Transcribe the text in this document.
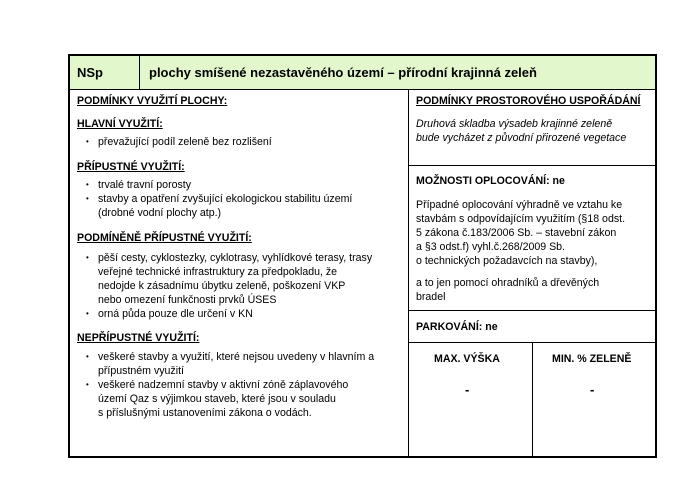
NSp	plochy smíšené nezastavěného území – přírodní krajinná zeleň
PODMÍNKY VYUŽITÍ PLOCHY:
HLAVNÍ VYUŽITÍ:
• převažující podíl zeleně bez rozlišení
PŘÍPUSTNÉ VYUŽITÍ:
• trvalé travní porosty
• stavby a opatření zvyšující ekologickou stabilitu území
(drobné vodní plochy atp.)
PODMÍNĚNĚ PŘÍPUSTNÉ VYUŽITÍ:
• pěší cesty, cyklostezky, cyklotrasy, vyhlídkové terasy, trasy
veřejné technické infrastruktury za předpokladu, že
nedojde k zásadnímu úbytku zeleně, poškození VKP
nebo omezení funkčnosti prvků ÚSES
• orná půda pouze dle určení v KN
NEPŘÍPUSTNÉ VYUŽITÍ:
• veškeré stavby a využití, které nejsou uvedeny v hlavním a
přípustném využití
• veškeré nadzemní stavby v aktivní zóně záplavového
území Qaz s výjimkou staveb, které jsou v souladu
s příslušnými ustanoveními zákona o vodách.
PODMÍNKY PROSTOROVÉHO USPOŘÁDÁNÍ
Druhová skladba výsadeb krajinné zeleně
bude vycházet z původní přirozené vegetace
MOŽNOSTI OPLOCOVÁNÍ: ne
Případné oplocování výhradně ve vztahu ke
stavbám s odpovídajícím využitím (§18 odst.
5 zákona č.183/2006 Sb. – stavební zákon
a §3 odst.f) vyhl.č.268/2009 Sb.
o technických požadavcích na stavby),
a to jen pomocí ohradníků a dřevěných
bradel
PARKOVÁNÍ: ne
MAX. VÝŠKA
-
MIN. % ZELENĚ
-
